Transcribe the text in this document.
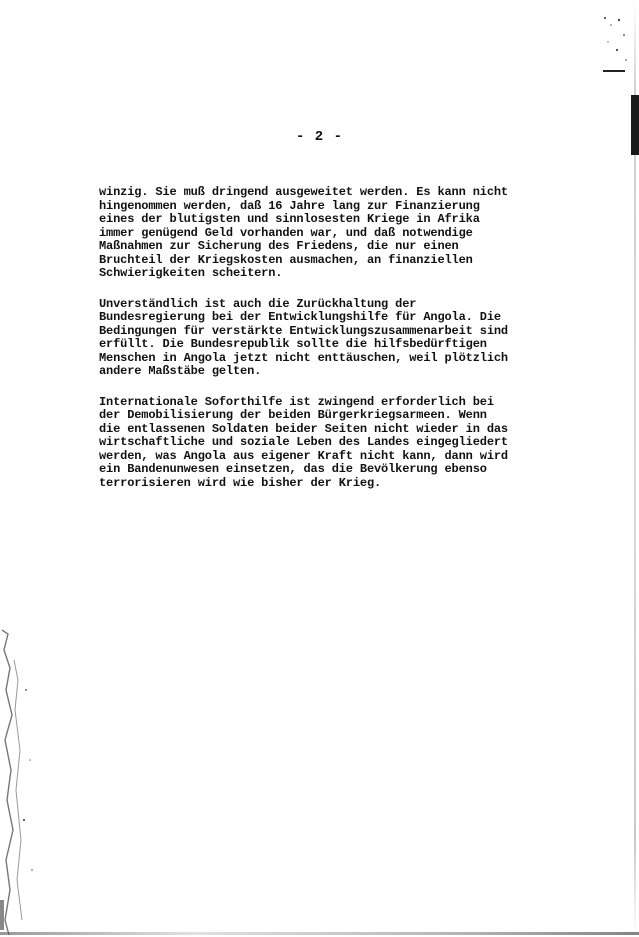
- 2 -
winzig. Sie muß dringend ausgeweitet werden. Es kann nicht
hingenommen werden, daß 16 Jahre lang zur Finanzierung
eines der blutigsten und sinnlosesten Kriege in Afrika
immer genügend Geld vorhanden war, und daß notwendige
Maßnahmen zur Sicherung des Friedens, die nur einen
Bruchteil der Kriegskosten ausmachen, an finanziellen
Schwierigkeiten scheitern.
Unverständlich ist auch die Zurückhaltung der
Bundesregierung bei der Entwicklungshilfe für Angola. Die
Bedingungen für verstärkte Entwicklungszusammenarbeit sind
erfüllt. Die Bundesrepublik sollte die hilfsbedürftigen
Menschen in Angola jetzt nicht enttäuschen, weil plötzlich
andere Maßstäbe gelten.
Internationale Soforthilfe ist zwingend erforderlich bei
der Demobilisierung der beiden Bürgerkriegsarmeen. Wenn
die entlassenen Soldaten beider Seiten nicht wieder in das
wirtschaftliche und soziale Leben des Landes eingegliedert
werden, was Angola aus eigener Kraft nicht kann, dann wird
ein Bandenunwesen einsetzen, das die Bevölkerung ebenso
terrorisieren wird wie bisher der Krieg.
